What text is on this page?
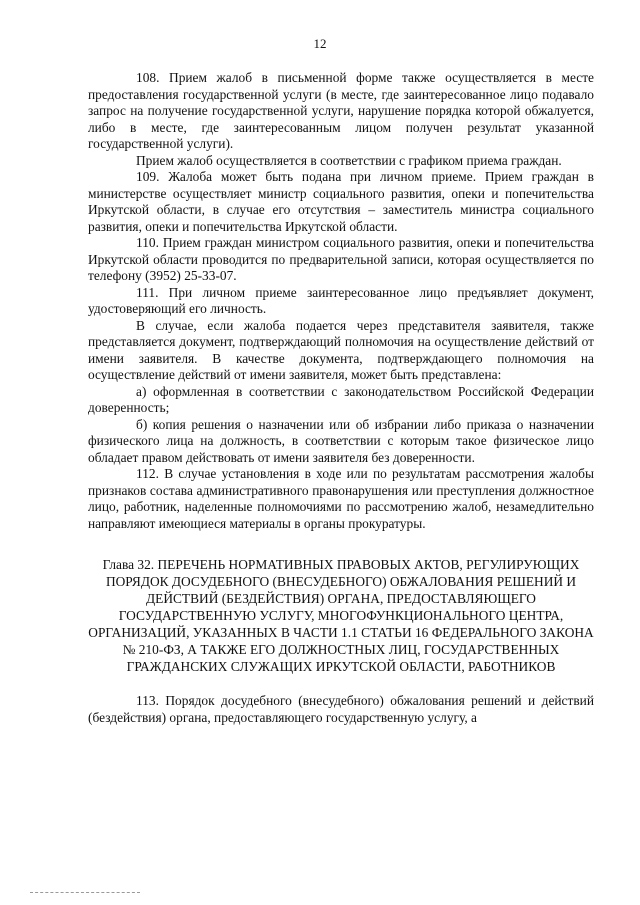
12

108. Прием жалоб в письменной форме также осуществляется в месте предоставления государственной услуги (в месте, где заинтересованное лицо подавало запрос на получение государственной услуги, нарушение порядка которой обжалуется, либо в месте, где заинтересованным лицом получен результат указанной государственной услуги).

Прием жалоб осуществляется в соответствии с графиком приема граждан.

109. Жалоба может быть подана при личном приеме. Прием граждан в министерстве осуществляет министр социального развития, опеки и попечительства Иркутской области, в случае его отсутствия – заместитель министра социального развития, опеки и попечительства Иркутской области.

110. Прием граждан министром социального развития, опеки и попечительства Иркутской области проводится по предварительной записи, которая осуществляется по телефону (3952) 25-33-07.

111. При личном приеме заинтересованное лицо предъявляет документ, удостоверяющий его личность.

В случае, если жалоба подается через представителя заявителя, также представляется документ, подтверждающий полномочия на осуществление действий от имени заявителя. В качестве документа, подтверждающего полномочия на осуществление действий от имени заявителя, может быть представлена:

а) оформленная в соответствии с законодательством Российской Федерации доверенность;

б) копия решения о назначении или об избрании либо приказа о назначении физического лица на должность, в соответствии с которым такое физическое лицо обладает правом действовать от имени заявителя без доверенности.

112. В случае установления в ходе или по результатам рассмотрения жалобы признаков состава административного правонарушения или преступления должностное лицо, работник, наделенные полномочиями по рассмотрению жалоб, незамедлительно направляют имеющиеся материалы в органы прокуратуры.

Глава 32. ПЕРЕЧЕНЬ НОРМАТИВНЫХ ПРАВОВЫХ АКТОВ, РЕГУЛИРУЮЩИХ ПОРЯДОК ДОСУДЕБНОГО (ВНЕСУДЕБНОГО) ОБЖАЛОВАНИЯ РЕШЕНИЙ И ДЕЙСТВИЙ (БЕЗДЕЙСТВИЯ) ОРГАНА, ПРЕДОСТАВЛЯЮЩЕГО ГОСУДАРСТВЕННУЮ УСЛУГУ, МНОГОФУНКЦИОНАЛЬНОГО ЦЕНТРА, ОРГАНИЗАЦИЙ, УКАЗАННЫХ В ЧАСТИ 1.1 СТАТЬИ 16 ФЕДЕРАЛЬНОГО ЗАКОНА № 210-ФЗ, А ТАКЖЕ ЕГО ДОЛЖНОСТНЫХ ЛИЦ, ГОСУДАРСТВЕННЫХ ГРАЖДАНСКИХ СЛУЖАЩИХ ИРКУТСКОЙ ОБЛАСТИ, РАБОТНИКОВ

113. Порядок досудебного (внесудебного) обжалования решений и действий (бездействия) органа, предоставляющего государственную услугу, а
